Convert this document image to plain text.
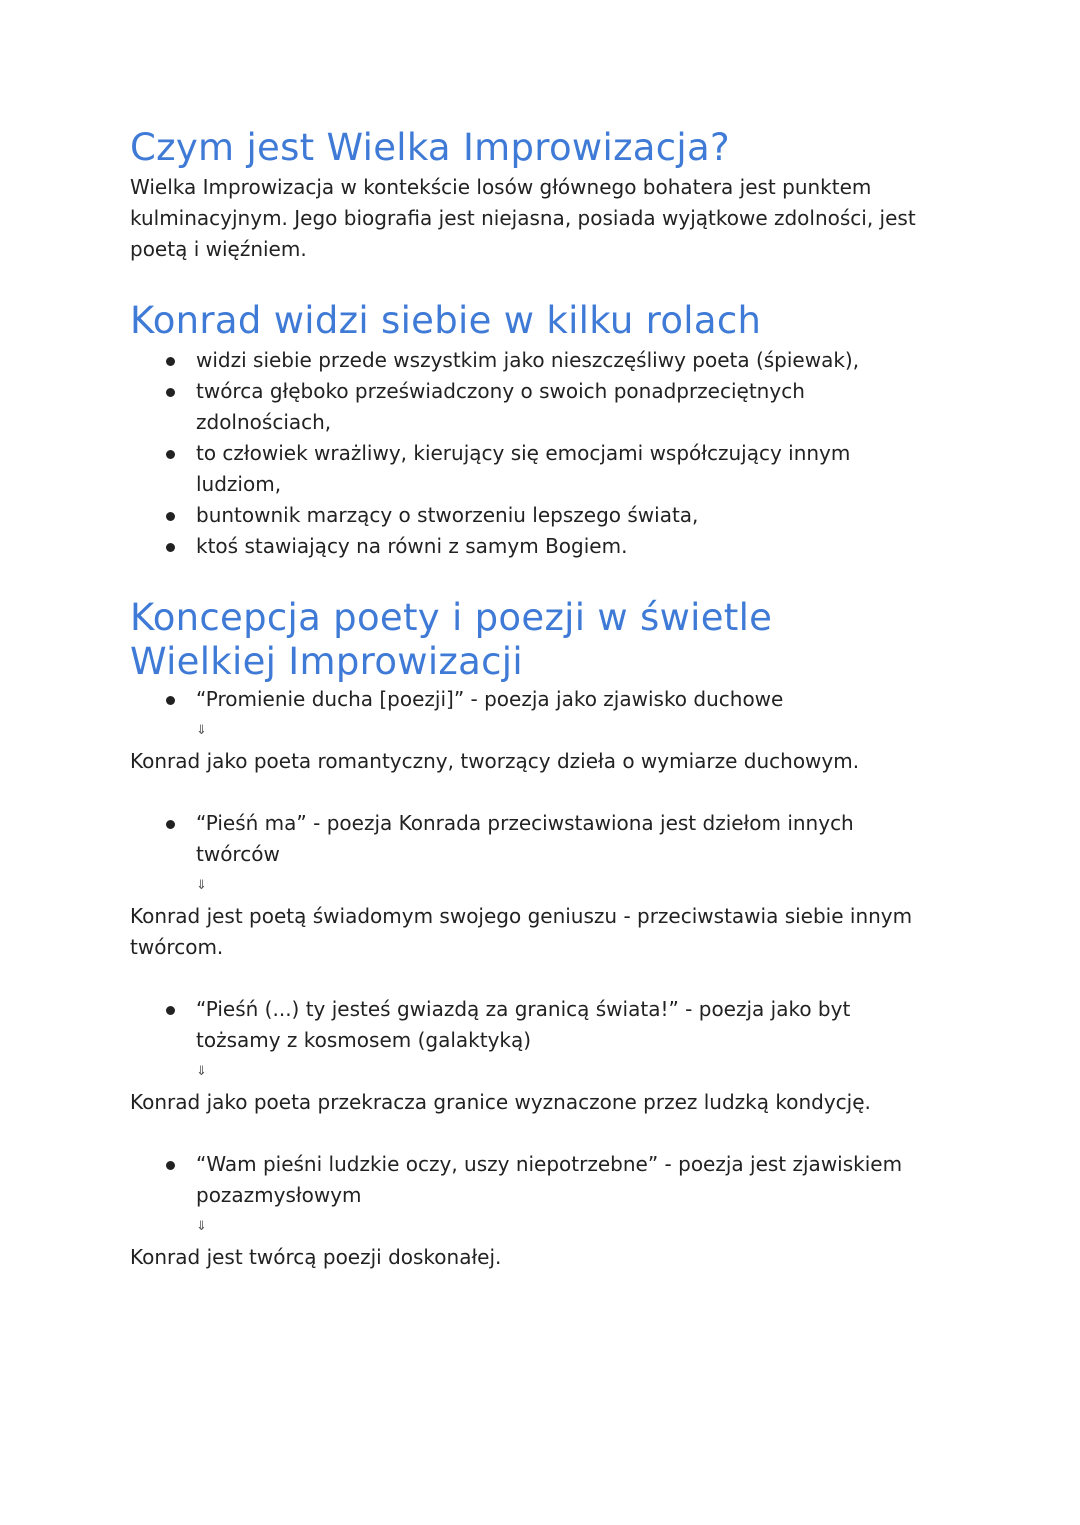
Czym jest Wielka Improwizacja?

Wielka Improwizacja w kontekście losów głównego bohatera jest punktem kulminacyjnym. Jego biografia jest niejasna, posiada wyjątkowe zdolności, jest poetą i więźniem.

Konrad widzi siebie w kilku rolach
widzi siebie przede wszystkim jako nieszczęśliwy poeta (śpiewak),
twórca głęboko przeświadczony o swoich ponadprzeciętnych zdolnościach,
to człowiek wrażliwy, kierujący się emocjami współczujący innym ludziom,
buntownik marzący o stworzeniu lepszego świata,
ktoś stawiający na równi z samym Bogiem.
Koncepcja poety i poezji w świetle Wielkiej Improwizacji
“Promienie ducha [poezji]” - poezja jako zjawisko duchowe
⇓

Konrad jako poeta romantyczny, tworzący dzieła o wymiarze duchowym.

“Pieśń ma” - poezja Konrada przeciwstawiona jest dziełom innych twórców
⇓

Konrad jest poetą świadomym swojego geniuszu - przeciwstawia siebie innym twórcom.

“Pieśń (...) ty jesteś gwiazdą za granicą świata!” - poezja jako byt tożsamy z kosmosem (galaktyką)
⇓

Konrad jako poeta przekracza granice wyznaczone przez ludzką kondycję.

“Wam pieśni ludzkie oczy, uszy niepotrzebne” - poezja jest zjawiskiem pozazmysłowym
⇓

Konrad jest twórcą poezji doskonałej.
